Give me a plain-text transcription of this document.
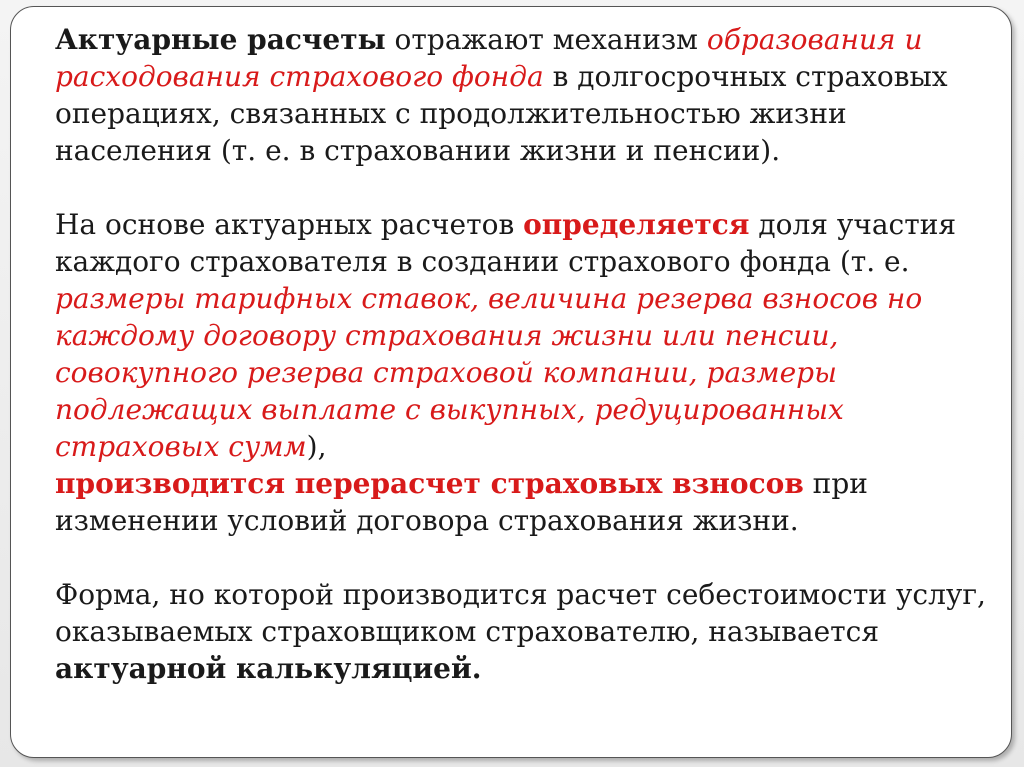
Актуарные расчеты отражают механизм образования и расходования страхового фонда в долгосрочных страховых операциях, связанных с продолжительностью жизни населения (т. е. в страховании жизни и пенсии).

На основе актуарных расчетов определяется доля участия каждого страхователя в создании страхового фонда (т. е. размеры тарифных ставок, величина резерва взносов но каждому договору страхования жизни или пенсии, совокупного резерва страховой компании, размеры подлежащих выплате с выкупных, редуцированных страховых сумм),
производится перерасчет страховых взносов при изменении условий договора страхования жизни.

Форма, но которой производится расчет себестоимости услуг, оказываемых страховщиком страхователю, называется актуарной калькуляцией.
